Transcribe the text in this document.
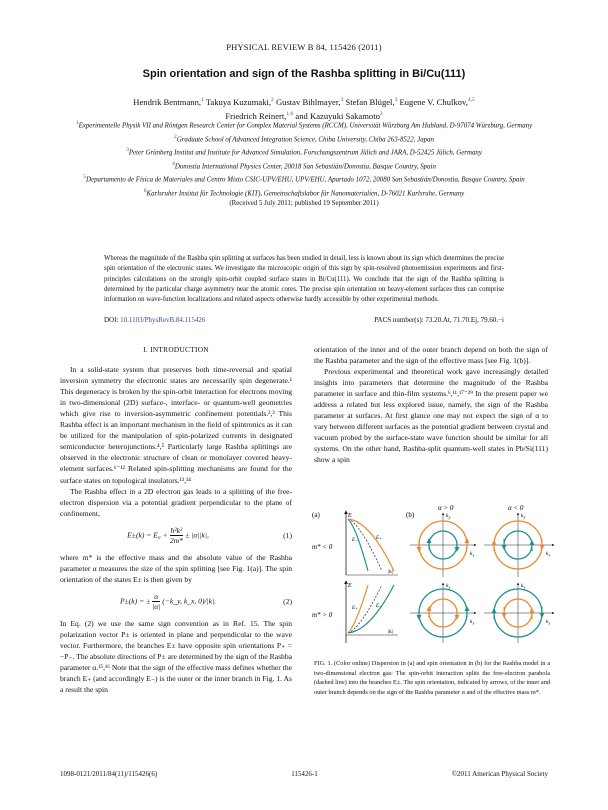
PHYSICAL REVIEW B 84, 115426 (2011)
Spin orientation and sign of the Rashba splitting in Bi/Cu(111)
Hendrik Bentmann,$^1$ Takuya Kuzumaki,$^2$ Gustav Bihlmayer,$^3$ Stefan Blügel,$^3$ Eugene V. Chulkov,$^{4,5}$
Friedrich Reinert,$^{1,6}$ and Kazuyuki Sakamoto$^2$
$^1$Experimentelle Physik VII and Röntgen Research Center for Complex Material Systems (RCCM), Universität Würzburg Am Hubland, D-97074 Würzburg, Germany
$^2$Graduate School of Advanced Integration Science, Chiba University, Chiba 263-8522, Japan
$^3$Peter Grünberg Institut and Institute for Advanced Simulation, Forschungszentrum Jülich and JARA, D-52425 Jülich, Germany
$^4$Donostia International Physics Center, 20018 San Sebastián/Donostia, Basque Country, Spain
$^5$Departamento de Física de Materiales and Centro Mixto CSIC-UPV/EHU, UPV/EHU, Apartado 1072, 20080 San Sebastián/Donostia, Basque Country, Spain
$^6$Karlsruher Institut für Technologie (KIT), Gemeinschaftslabor für Nanomaterialien, D-76021 Karlsruhe, Germany
(Received 5 July 2011; published 19 September 2011)
Whereas the magnitude of the Rashba spin splitting at surfaces has been studied in detail, less is known about its sign which determines the precise spin orientation of the electronic states. We investigate the microscopic origin of this sign by spin-resolved photoemission experiments and first-principles calculations on the strongly spin-orbit coupled surface states in Bi/Cu(111). We conclude that the sign of the Rashba splitting is determined by the particular charge asymmetry near the atomic cores. The precise spin orientation on heavy-element surfaces thus can comprise information on wave-function localizations and related aspects otherwise hardly accessible by other experimental methods.
DOI: 10.1103/PhysRevB.84.115426	PACS number(s): 73.20.At, 71.70.Ej, 79.60.−i
I. INTRODUCTION

In a solid-state system that preserves both time-reversal and spatial inversion symmetry the electronic states are necessarily spin degenerate.¹ This degeneracy is broken by the spin-orbit interaction for electrons moving in two-dimensional (2D) surface-, interface- or quantum-well geometries which give rise to inversion-asymmetric confinement potentials.²,³ This Rashba effect is an important mechanism in the field of spintronics as it can be utilized for the manipulation of spin-polarized currents in designated semiconductor heterojunctions.⁴,⁵ Particularly large Rashba splittings are observed in the electronic structure of clean or monolayer covered heavy-element surfaces.⁶⁻¹² Related spin-splitting mechanisms are found for the surface states on topological insulators.¹³,¹⁴

The Rashba effect in a 2D electron gas leads to a splitting of the free-electron dispersion via a potential gradient perpendicular to the plane of confinement,

$E\pm(k) = E_0 + \frac{\text{ħ²k²}}{2m*} \pm |\alpha||k|$,	(1)

where m* is the effective mass and the absolute value of the Rashba parameter α measures the size of the spin splitting [see Fig. 1(a)]. The spin orientation of the states E± is then given by

P±(k) = ± $\frac{\alpha}{|\alpha|}$ (−k_y, k_x, 0)/|k|.	(2)

In Eq. (2) we use the same sign convention as in Ref. 15. The spin polarization vector P± is oriented in plane and perpendicular to the wave vector. Furthermore, the branches E± have opposite spin orientations P₊ = −P₋. The absolute directions of P± are determined by the sign of the Rashba parameter α.¹⁵,¹⁶ Note that the sign of the effective mass defines whether the branch E₊ (and accordingly E₋) is the outer or the inner branch in Fig. 1. As a result the spin

orientation of the inner and of the outer branch depend on both the sign of the Rashba parameter and the sign of the effective mass [see Fig. 1(b)].

Previous experimental and theoretical work gave increasingly detailed insights into parameters that determine the magnitude of the Rashba parameter in surface and thin-film systems.⁶,¹¹,¹⁷⁻²⁹ In the present paper we address a related but less explored issue, namely, the sign of the Rashba parameter at surfaces. At first glance one may not expect the sign of α to vary between different surfaces as the potential gradient between crystal and vacuum probed by the surface-state wave function should be similar for all systems. On the other hand, Rashba-split quantum-well states in Pb/Si(111) show a spin

(a)	(b)
α > 0	α < 0
m* < 0
m* > 0
E
|k|
E₋	E₊
$k_x$
$k_y$
$k_x$
$k_y$
E
|k|
E₊	E₋
$k_x$
$k_y$
$k_x$
$k_y$
FIG. 1. (Color online) Dispersion in (a) and spin orientation in (b) for the Rashba model in a two-dimensional electron gas: The spin-orbit interaction splits the free-electron parabola (dashed line) into the branches E±. The spin orientation, indicated by arrows, of the inner and outer branch depends on the sign of the Rashba parameter α and of the effective mass m*.
1098-0121/2011/84(11)/115426(6)	115426-1	©2011 American Physical Society
